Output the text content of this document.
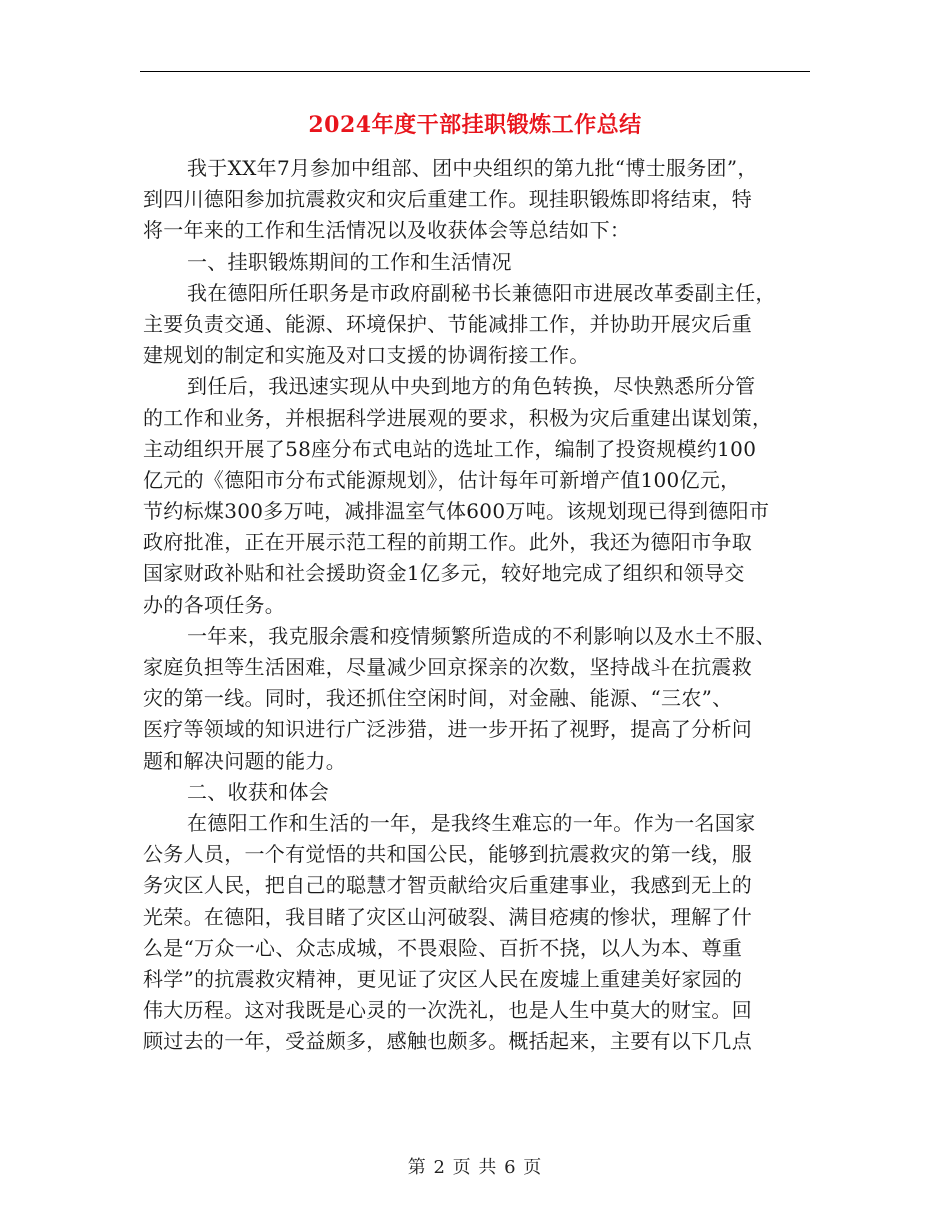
2024年度干部挂职锻炼工作总结
我于XX年7月参加中组部、团中央组织的第九批“博士服务团”，
到四川德阳参加抗震救灾和灾后重建工作。现挂职锻炼即将结束，特
将一年来的工作和生活情况以及收获体会等总结如下：
一、挂职锻炼期间的工作和生活情况
我在德阳所任职务是市政府副秘书长兼德阳市进展改革委副主任，
主要负责交通、能源、环境保护、节能减排工作，并协助开展灾后重
建规划的制定和实施及对口支援的协调衔接工作。
到任后，我迅速实现从中央到地方的角色转换，尽快熟悉所分管
的工作和业务，并根据科学进展观的要求，积极为灾后重建出谋划策，
主动组织开展了58座分布式电站的选址工作，编制了投资规模约100
亿元的《德阳市分布式能源规划》，估计每年可新增产值100亿元，
节约标煤300多万吨，减排温室气体600万吨。该规划现已得到德阳市
政府批准，正在开展示范工程的前期工作。此外，我还为德阳市争取
国家财政补贴和社会援助资金1亿多元，较好地完成了组织和领导交
办的各项任务。
一年来，我克服余震和疫情频繁所造成的不利影响以及水土不服、
家庭负担等生活困难，尽量减少回京探亲的次数，坚持战斗在抗震救
灾的第一线。同时，我还抓住空闲时间，对金融、能源、“三农”、
医疗等领域的知识进行广泛涉猎，进一步开拓了视野，提高了分析问
题和解决问题的能力。
二、收获和体会
在德阳工作和生活的一年，是我终生难忘的一年。作为一名国家
公务人员，一个有觉悟的共和国公民，能够到抗震救灾的第一线，服
务灾区人民，把自己的聪慧才智贡献给灾后重建事业，我感到无上的
光荣。在德阳，我目睹了灾区山河破裂、满目疮痍的惨状，理解了什
么是“万众一心、众志成城，不畏艰险、百折不挠，以人为本、尊重
科学”的抗震救灾精神，更见证了灾区人民在废墟上重建美好家园的
伟大历程。这对我既是心灵的一次洗礼，也是人生中莫大的财宝。回
顾过去的一年，受益颇多，感触也颇多。概括起来，主要有以下几点
第 2 页 共 6 页
